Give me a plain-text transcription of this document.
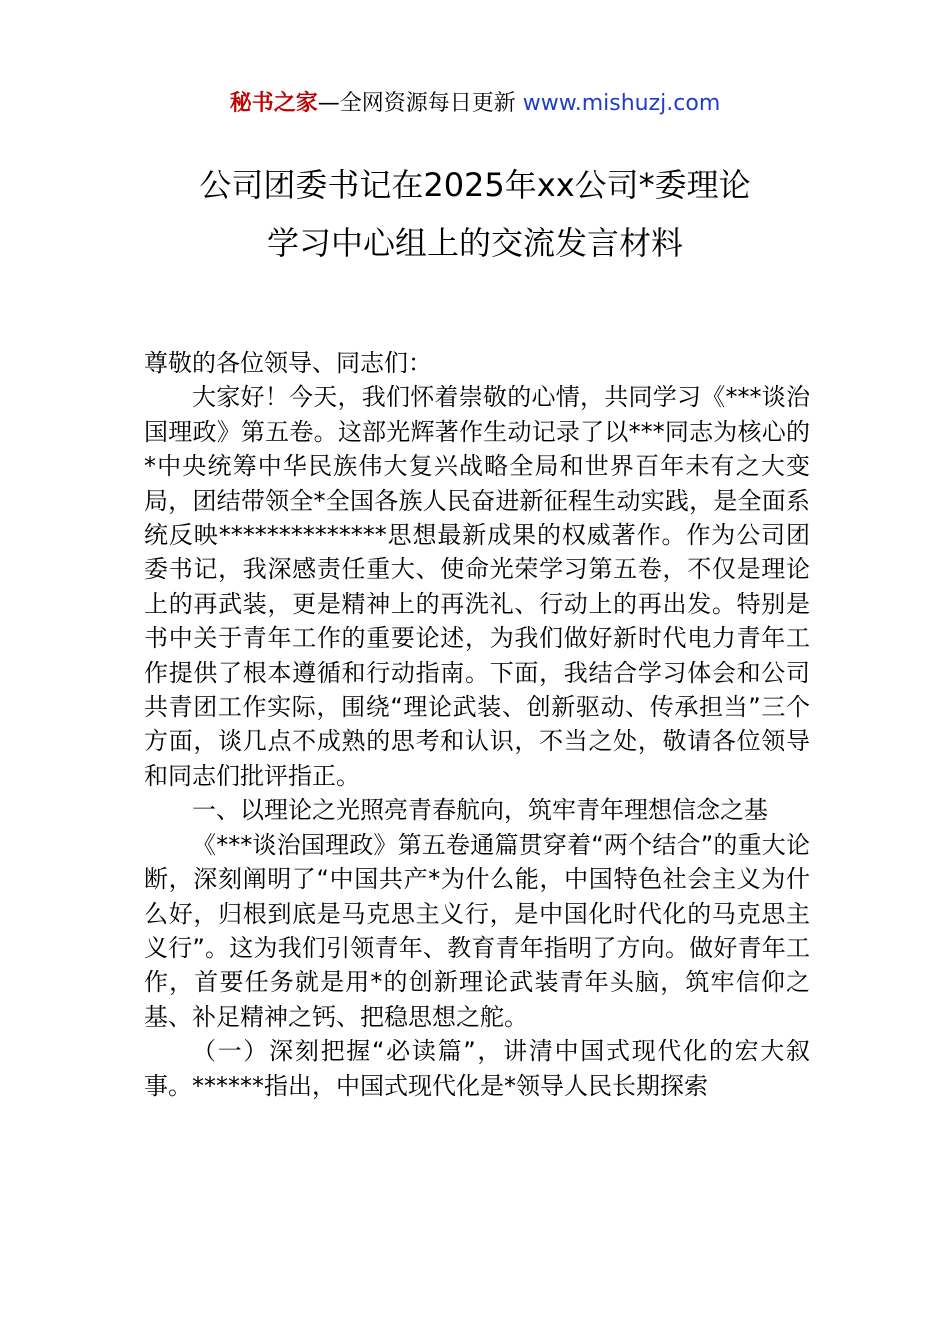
秘书之家—全网资源每日更新 www.mishuzj.com
公司团委书记在2025年xx公司*委理论
学习中心组上的交流发言材料

尊敬的各位领导、同志们：

大家好！今天，我们怀着崇敬的心情，共同学习《***谈治国理政》第五卷。这部光辉著作生动记录了以***同志为核心的*中央统筹中华民族伟大复兴战略全局和世界百年未有之大变局，团结带领全*全国各族人民奋进新征程生动实践，是全面系统反映**************思想最新成果的权威著作。作为公司团委书记，我深感责任重大、使命光荣学习第五卷，不仅是理论上的再武装，更是精神上的再洗礼、行动上的再出发。特别是书中关于青年工作的重要论述，为我们做好新时代电力青年工作提供了根本遵循和行动指南。下面，我结合学习体会和公司共青团工作实际，围绕“理论武装、创新驱动、传承担当”三个方面，谈几点不成熟的思考和认识，不当之处，敬请各位领导和同志们批评指正。

一、以理论之光照亮青春航向，筑牢青年理想信念之基

《***谈治国理政》第五卷通篇贯穿着“两个结合”的重大论断，深刻阐明了“中国共产*为什么能，中国特色社会主义为什么好，归根到底是马克思主义行，是中国化时代化的马克思主义行”。这为我们引领青年、教育青年指明了方向。做好青年工作，首要任务就是用*的创新理论武装青年头脑，筑牢信仰之基、补足精神之钙、把稳思想之舵。

（一）深刻把握“必读篇”，讲清中国式现代化的宏大叙事。******指出，中国式现代化是*领导人民长期探索
